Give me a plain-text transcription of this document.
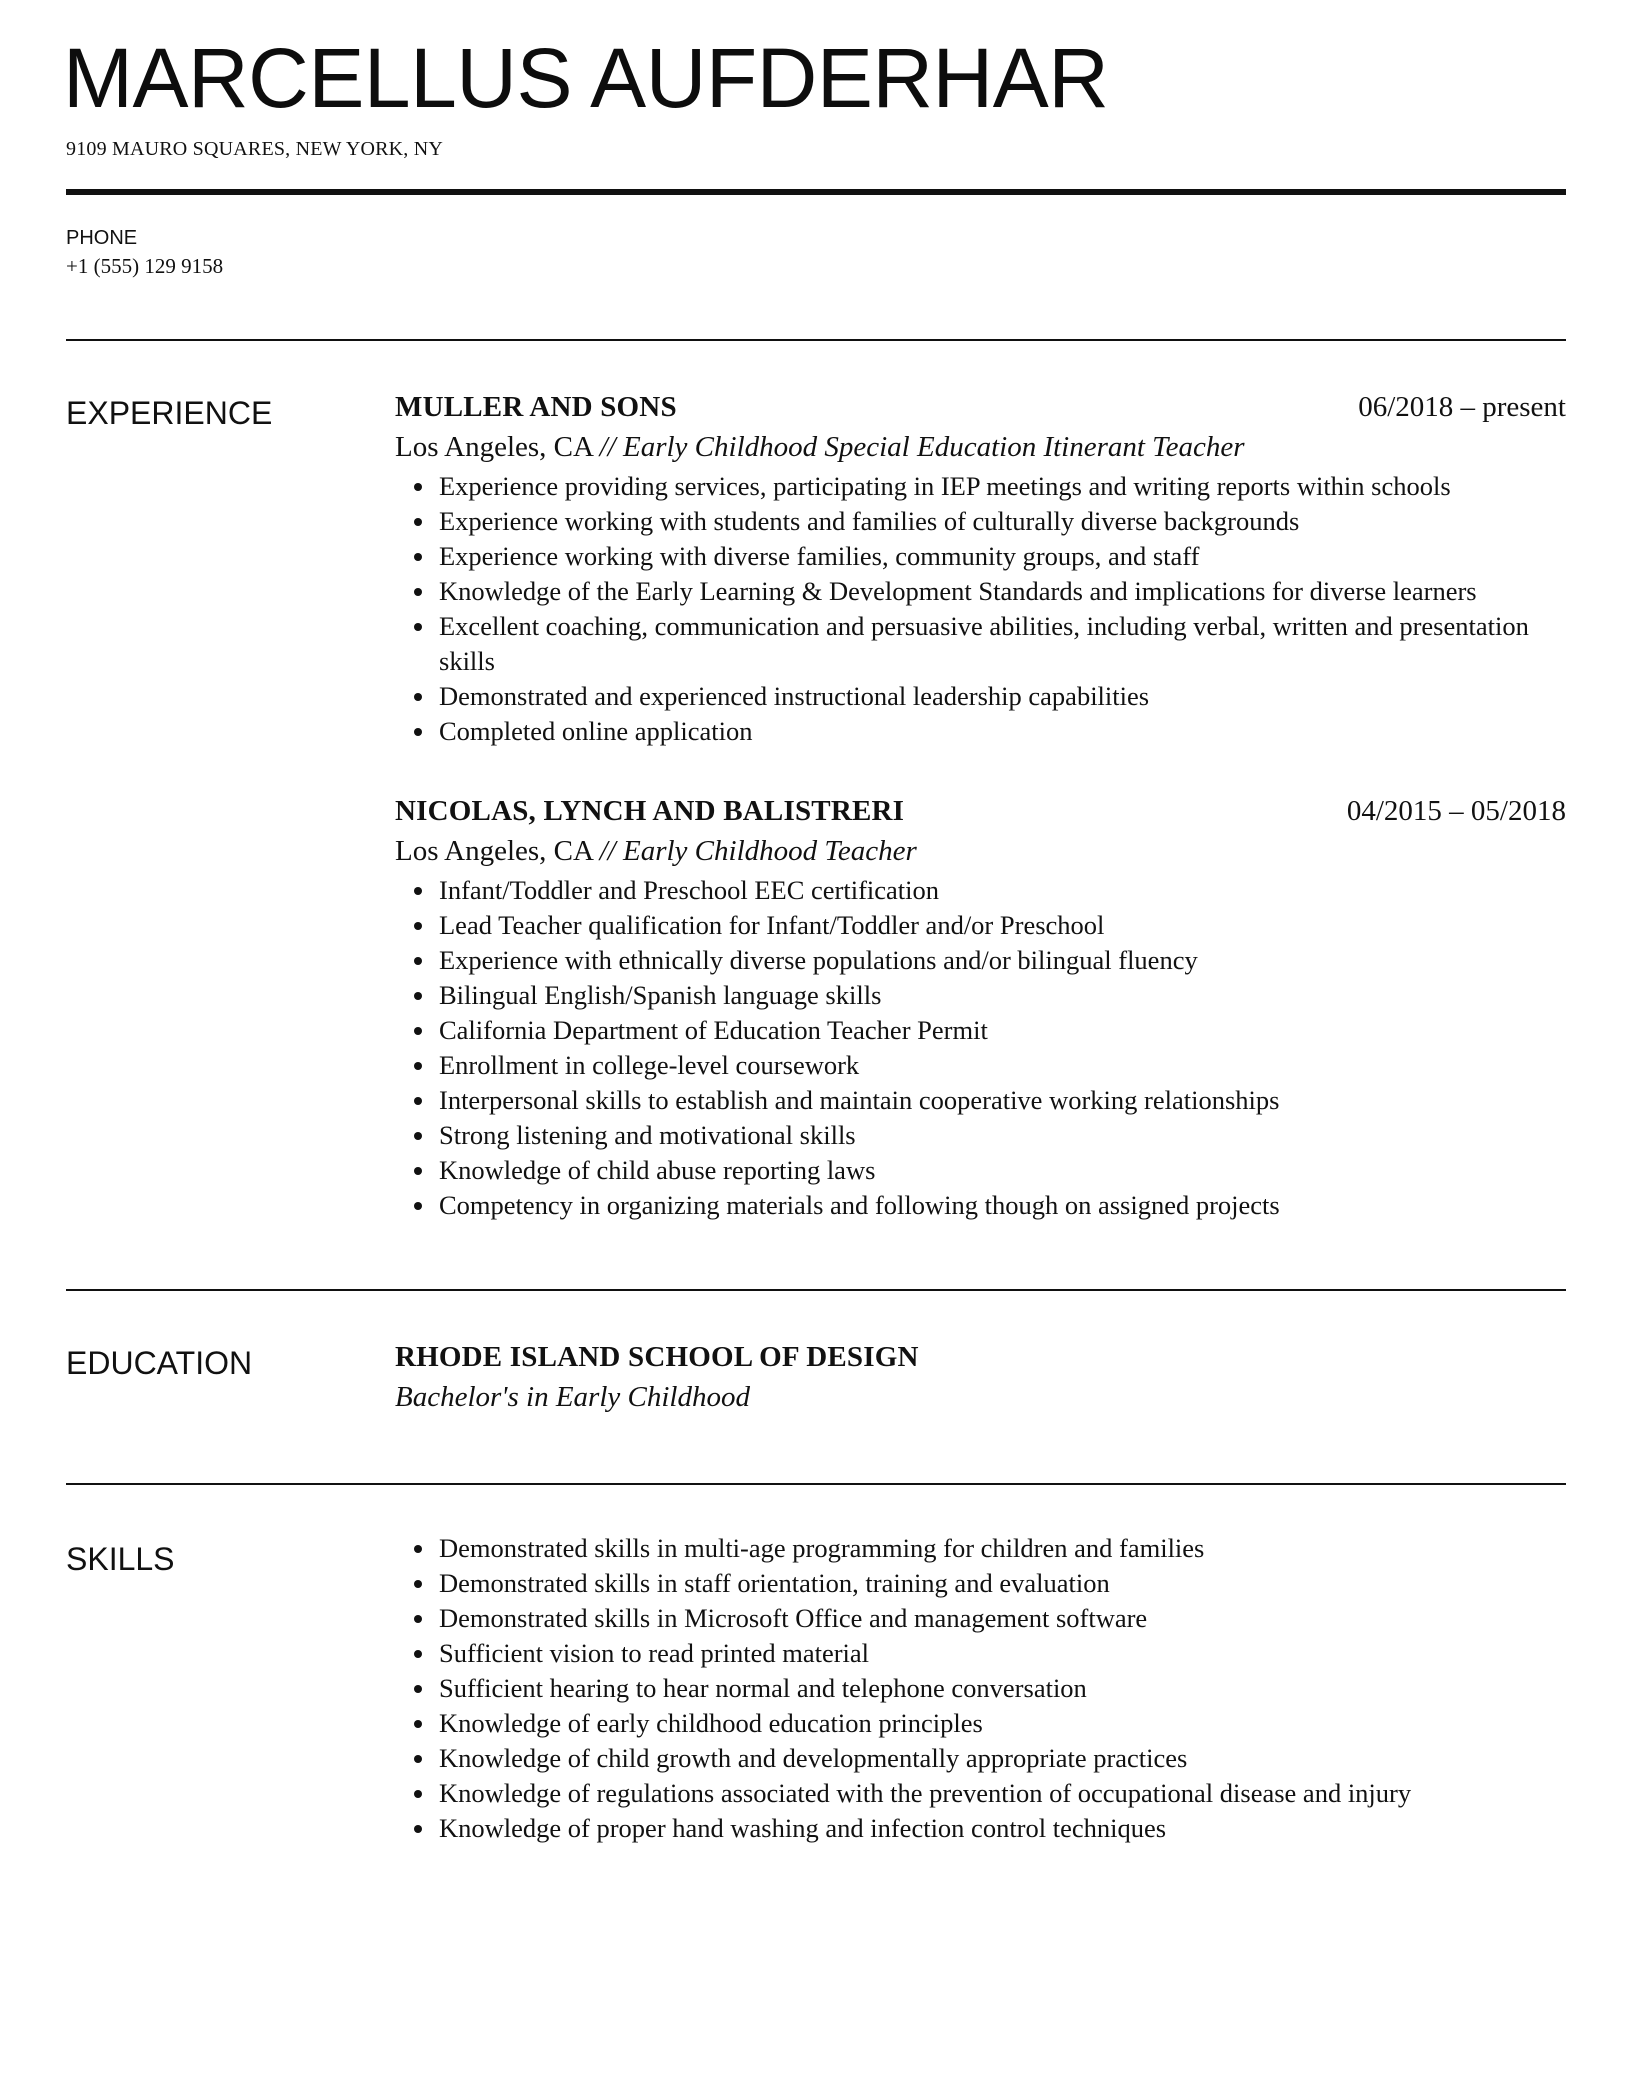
MARCELLUS AUFDERHAR
9109 MAURO SQUARES, NEW YORK, NY
PHONE
+1 (555) 129 9158
EXPERIENCE	MULLER AND SONS	06/2018 – present
Los Angeles, CA // Early Childhood Special Education Itinerant Teacher
• Experience providing services, participating in IEP meetings and writing reports within schools
• Experience working with students and families of culturally diverse backgrounds
• Experience working with diverse families, community groups, and staff
• Knowledge of the Early Learning & Development Standards and implications for diverse learners
• Excellent coaching, communication and persuasive abilities, including verbal, written and presentation skills
• Demonstrated and experienced instructional leadership capabilities
• Completed online application
NICOLAS, LYNCH AND BALISTRERI	04/2015 – 05/2018
Los Angeles, CA // Early Childhood Teacher
• Infant/Toddler and Preschool EEC certification
• Lead Teacher qualification for Infant/Toddler and/or Preschool
• Experience with ethnically diverse populations and/or bilingual fluency
• Bilingual English/Spanish language skills
• California Department of Education Teacher Permit
• Enrollment in college-level coursework
• Interpersonal skills to establish and maintain cooperative working relationships
• Strong listening and motivational skills
• Knowledge of child abuse reporting laws
• Competency in organizing materials and following though on assigned projects
EDUCATION	RHODE ISLAND SCHOOL OF DESIGN
Bachelor's in Early Childhood
SKILLS
•	Demonstrated skills in multi-age programming for children and families
• Demonstrated skills in staff orientation, training and evaluation
• Demonstrated skills in Microsoft Office and management software
• Sufficient vision to read printed material
• Sufficient hearing to hear normal and telephone conversation
• Knowledge of early childhood education principles
• Knowledge of child growth and developmentally appropriate practices
• Knowledge of regulations associated with the prevention of occupational disease and injury
• Knowledge of proper hand washing and infection control techniques
